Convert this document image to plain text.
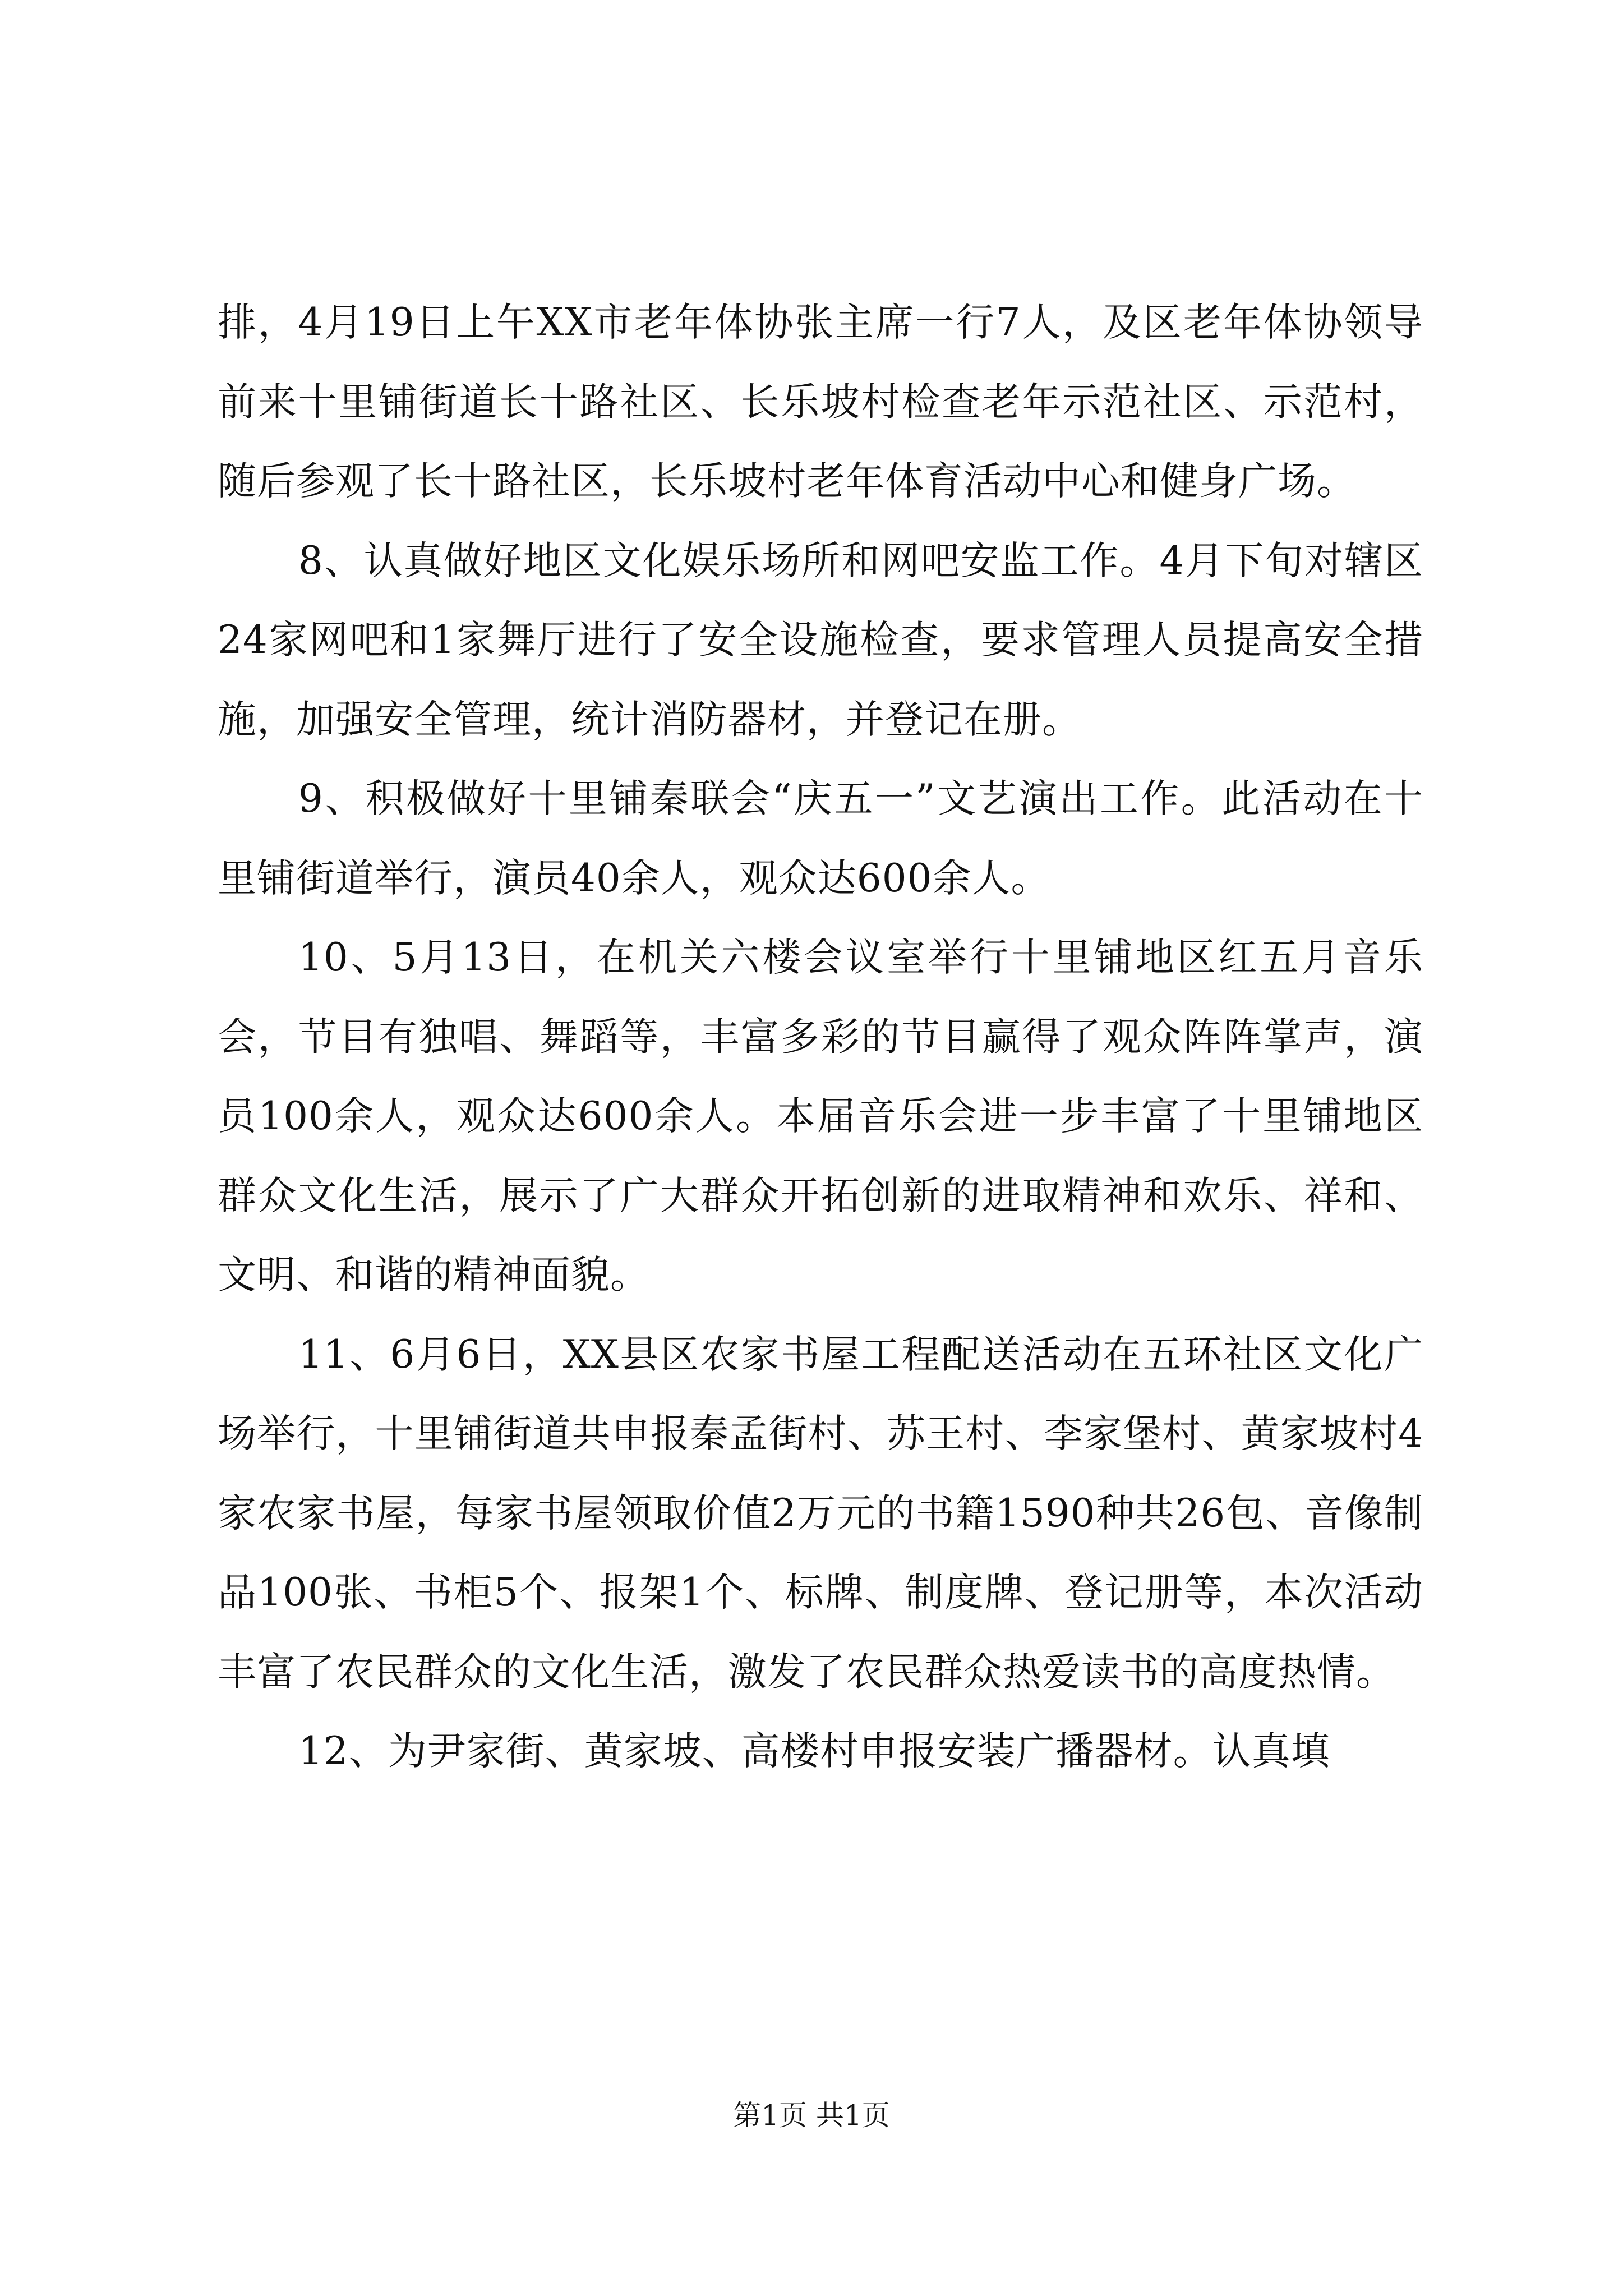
排，4月19日上午XX市老年体协张主席一行7人，及区老年体协领导前来十里铺街道长十路社区、长乐坡村检查老年示范社区、示范村，随后参观了长十路社区，长乐坡村老年体育活动中心和健身广场。

8、认真做好地区文化娱乐场所和网吧安监工作。4月下旬对辖区24家网吧和1家舞厅进行了安全设施检查，要求管理人员提高安全措施，加强安全管理，统计消防器材，并登记在册。

9、积极做好十里铺秦联会“庆五一”文艺演出工作。此活动在十里铺街道举行，演员40余人，观众达600余人。

10、5月13日，在机关六楼会议室举行十里铺地区红五月音乐会，节目有独唱、舞蹈等，丰富多彩的节目赢得了观众阵阵掌声，演员100余人，观众达600余人。本届音乐会进一步丰富了十里铺地区群众文化生活，展示了广大群众开拓创新的进取精神和欢乐、祥和、文明、和谐的精神面貌。

11、6月6日，XX县区农家书屋工程配送活动在五环社区文化广场举行，十里铺街道共申报秦孟街村、苏王村、李家堡村、黄家坡村4家农家书屋，每家书屋领取价值2万元的书籍1590种共26包、音像制品100张、书柜5个、报架1个、标牌、制度牌、登记册等，本次活动丰富了农民群众的文化生活，激发了农民群众热爱读书的高度热情。

12、为尹家街、黄家坡、高楼村申报安装广播器材。认真填

第1页 共1页
